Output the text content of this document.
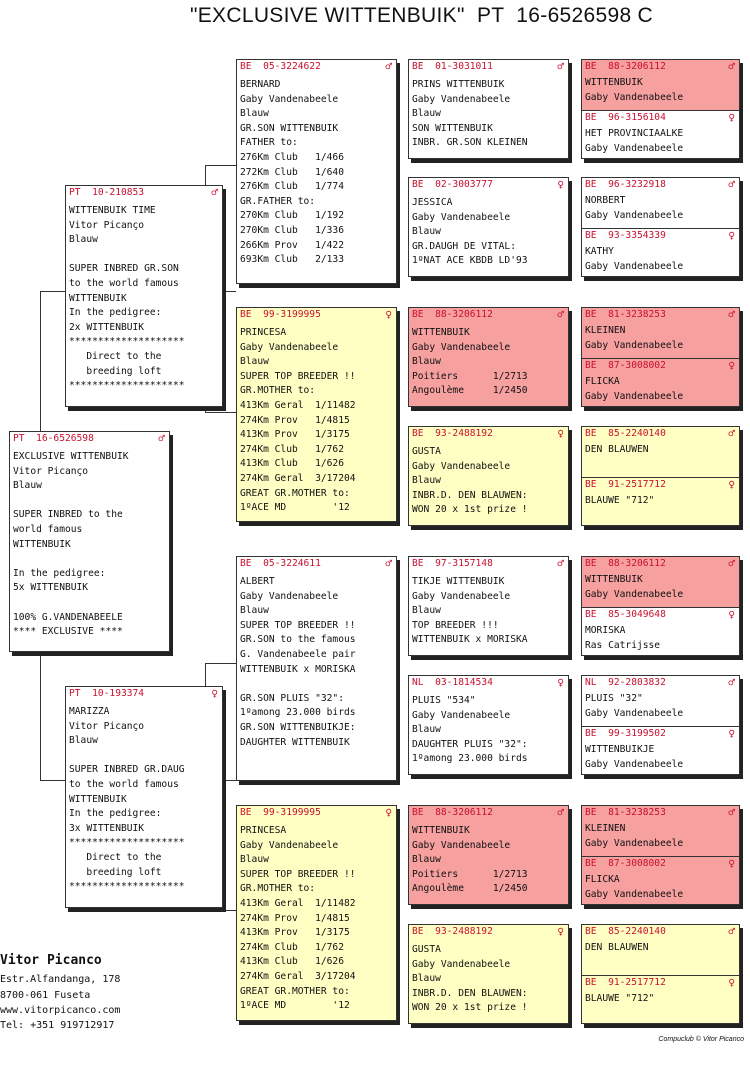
"EXCLUSIVE WITTENBUIK"  PT  16-6526598 C
PT  16-6526598	♂
EXCLUSIVE WITTENBUIK
Vitor Picanço
Blauw
SUPER INBRED to the
world famous
WITTENBUIK
In the pedigree:
5x WITTENBUIK
100% G.VANDENABEELE
**** EXCLUSIVE ****
PT  10-210853	♂
WITTENBUIK TIME
Vitor Picanço
Blauw
SUPER INBRED GR.SON
to the world famous
WITTENBUIK
In the pedigree:
2x WITTENBUIK
********************
Direct to the
breeding loft
********************
PT  10-193374	♀
MARIZZA
Vitor Picanço
Blauw
SUPER INBRED GR.DAUG
to the world famous
WITTENBUIK
In the pedigree:
3x WITTENBUIK
********************
Direct to the
breeding loft
********************
BE  05-3224622	♂
BERNARD
Gaby Vandenabeele
Blauw
GR.SON WITTENBUIK
FATHER to:
276Km Club   1/466
272Km Club   1/640
276Km Club   1/774
GR.FATHER to:
270Km Club   1/192
270Km Club   1/336
266Km Prov   1/422
693Km Club   2/133
BE  99-3199995	♀
PRINCESA
Gaby Vandenabeele
Blauw
SUPER TOP BREEDER !!
GR.MOTHER to:
413Km Geral  1/11482
274Km Prov   1/4815
413Km Prov   1/3175
274Km Club   1/762
413Km Club   1/626
274Km Geral  3/17204
GREAT GR.MOTHER to:
1ºACE MD        '12
BE  05-3224611	♂
ALBERT
Gaby Vandenabeele
Blauw
SUPER TOP BREEDER !!
GR.SON to the famous
G. Vandenabeele pair
WITTENBUIK x MORISKA
GR.SON PLUIS "32":
1ºamong 23.000 birds
GR.SON WITTENBUIKJE:
DAUGHTER WITTENBUIK
BE  99-3199995	♀
PRINCESA
Gaby Vandenabeele
Blauw
SUPER TOP BREEDER !!
GR.MOTHER to:
413Km Geral  1/11482
274Km Prov   1/4815
413Km Prov   1/3175
274Km Club   1/762
413Km Club   1/626
274Km Geral  3/17204
GREAT GR.MOTHER to:
1ºACE MD        '12
BE  01-3031011	♂
PRINS WITTENBUIK
Gaby Vandenabeele
Blauw
SON WITTENBUIK
INBR. GR.SON KLEINEN
BE  02-3003777	♀
JESSICA
Gaby Vandenabeele
Blauw
GR.DAUGH DE VITAL:
1ºNAT ACE KBDB LD'93
BE  88-3206112	♂
WITTENBUIK
Gaby Vandenabeele
Blauw
Poitiers      1/2713
Angoulème     1/2450
BE  93-2488192	♀
GUSTA
Gaby Vandenabeele
Blauw
INBR.D. DEN BLAUWEN:
WON 20 x 1st prize !
BE  97-3157148	♂
TIKJE WITTENBUIK
Gaby Vandenabeele
Blauw
TOP BREEDER !!!
WITTENBUIK x MORISKA
NL  03-1814534	♀
PLUIS "534"
Gaby Vandenabeele
Blauw
DAUGHTER PLUIS "32":
1ºamong 23.000 birds
BE  88-3206112	♂
WITTENBUIK
Gaby Vandenabeele
Blauw
Poitiers      1/2713
Angoulème     1/2450
BE  93-2488192	♀
GUSTA
Gaby Vandenabeele
Blauw
INBR.D. DEN BLAUWEN:
WON 20 x 1st prize !
BE  88-3206112	♂
WITTENBUIK
Gaby Vandenabeele
BE  96-3156104	♀
HET PROVINCIAALKE
Gaby Vandenabeele
BE  96-3232918	♂
NORBERT
Gaby Vandenabeele
BE  93-3354339	♀
KATHY
Gaby Vandenabeele
BE  81-3238253	♂
KLEINEN
Gaby Vandenabeele
BE  87-3008002	♀
FLICKA
Gaby Vandenabeele
BE  85-2240140	♂
DEN BLAUWEN
BE  91-2517712	♀
BLAUWE "712"
BE  88-3206112	♂
WITTENBUIK
Gaby Vandenabeele
BE  85-3049648	♀
MORISKA
Ras Catrijsse
NL  92-2803832	♂
PLUIS "32"
Gaby Vandenabeele
BE  99-3199502	♀
WITTENBUIKJE
Gaby Vandenabeele
BE  81-3238253	♂
KLEINEN
Gaby Vandenabeele
BE  87-3008002	♀
FLICKA
Gaby Vandenabeele
BE  85-2240140	♂
DEN BLAUWEN
BE  91-2517712	♀
BLAUWE "712"
Vitor Picanco
Estr.Alfandanga, 178
8700-061 Fuseta
www.vitorpicanco.com
Tel: +351 919712917
Compuclub © Vitor Picanco
